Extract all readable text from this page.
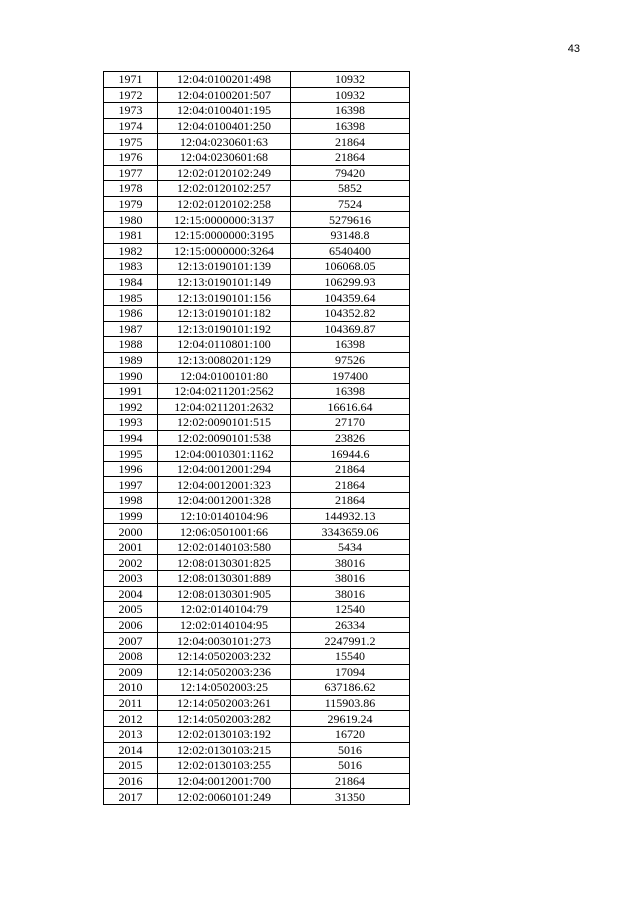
43
1971	12:04:0100201:498	10932
1972	12:04:0100201:507	10932
1973	12:04:0100401:195	16398
1974	12:04:0100401:250	16398
1975	12:04:0230601:63	21864
1976	12:04:0230601:68	21864
1977	12:02:0120102:249	79420
1978	12:02:0120102:257	5852
1979	12:02:0120102:258	7524
1980	12:15:0000000:3137	5279616
1981	12:15:0000000:3195	93148.8
1982	12:15:0000000:3264	6540400
1983	12:13:0190101:139	106068.05
1984	12:13:0190101:149	106299.93
1985	12:13:0190101:156	104359.64
1986	12:13:0190101:182	104352.82
1987	12:13:0190101:192	104369.87
1988	12:04:0110801:100	16398
1989	12:13:0080201:129	97526
1990	12:04:0100101:80	197400
1991	12:04:0211201:2562	16398
1992	12:04:0211201:2632	16616.64
1993	12:02:0090101:515	27170
1994	12:02:0090101:538	23826
1995	12:04:0010301:1162	16944.6
1996	12:04:0012001:294	21864
1997	12:04:0012001:323	21864
1998	12:04:0012001:328	21864
1999	12:10:0140104:96	144932.13
2000	12:06:0501001:66	3343659.06
2001	12:02:0140103:580	5434
2002	12:08:0130301:825	38016
2003	12:08:0130301:889	38016
2004	12:08:0130301:905	38016
2005	12:02:0140104:79	12540
2006	12:02:0140104:95	26334
2007	12:04:0030101:273	2247991.2
2008	12:14:0502003:232	15540
2009	12:14:0502003:236	17094
2010	12:14:0502003:25	637186.62
2011	12:14:0502003:261	115903.86
2012	12:14:0502003:282	29619.24
2013	12:02:0130103:192	16720
2014	12:02:0130103:215	5016
2015	12:02:0130103:255	5016
2016	12:04:0012001:700	21864
2017	12:02:0060101:249	31350
